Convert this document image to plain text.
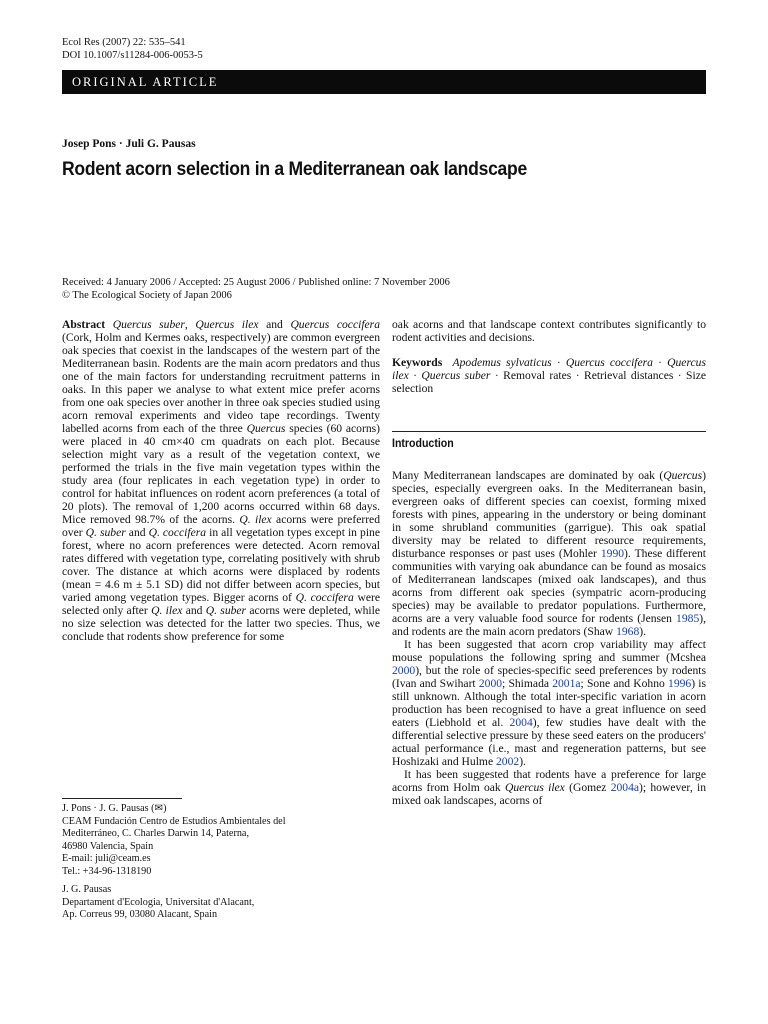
Ecol Res (2007) 22: 535–541
DOI 10.1007/s11284-006-0053-5
ORIGINAL ARTICLE
Josep Pons · Juli G. Pausas
Rodent acorn selection in a Mediterranean oak landscape
Received: 4 January 2006 / Accepted: 25 August 2006 / Published online: 7 November 2006
© The Ecological Society of Japan 2006

Abstract Quercus suber, Quercus ilex and Quercus coccifera (Cork, Holm and Kermes oaks, respectively) are common evergreen oak species that coexist in the landscapes of the western part of the Mediterranean basin. Rodents are the main acorn predators and thus one of the main factors for understanding recruitment patterns in oaks. In this paper we analyse to what extent mice prefer acorns from one oak species over another in three oak species studied using acorn removal experiments and video tape recordings. Twenty labelled acorns from each of the three Quercus species (60 acorns) were placed in 40 cm×40 cm quadrats on each plot. Because selection might vary as a result of the vegetation context, we performed the trials in the five main vegetation types within the study area (four replicates in each vegetation type) in order to control for habitat influences on rodent acorn preferences (a total of 20 plots). The removal of 1,200 acorns occurred within 68 days. Mice removed 98.7% of the acorns. Q. ilex acorns were preferred over Q. suber and Q. coccifera in all vegetation types except in pine forest, where no acorn preferences were detected. Acorn removal rates differed with vegetation type, correlating positively with shrub cover. The distance at which acorns were displaced by rodents (mean = 4.6 m ± 5.1 SD) did not differ between acorn species, but varied among vegetation types. Bigger acorns of Q. coccifera were selected only after Q. ilex and Q. suber acorns were depleted, while no size selection was detected for the latter two species. Thus, we conclude that rodents show preference for some

J. Pons · J. G. Pausas (✉)
CEAM Fundación Centro de Estudios Ambientales del
Mediterráneo, C. Charles Darwin 14, Paterna,
46980 Valencia, Spain
E-mail: juli@ceam.es
Tel.: +34-96-1318190
J. G. Pausas
Departament d'Ecologia, Universitat d'Alacant,
Ap. Correus 99, 03080 Alacant, Spain

oak acorns and that landscape context contributes significantly to rodent activities and decisions.

Keywords Apodemus sylvaticus · Quercus coccifera · Quercus ilex · Quercus suber · Removal rates · Retrieval distances · Size selection

Introduction

Many Mediterranean landscapes are dominated by oak (Quercus) species, especially evergreen oaks. In the Mediterranean basin, evergreen oaks of different species can coexist, forming mixed forests with pines, appearing in the understory or being dominant in some shrubland communities (garrigue). This oak spatial diversity may be related to different resource requirements, disturbance responses or past uses (Mohler 1990). These different communities with varying oak abundance can be found as mosaics of Mediterranean landscapes (mixed oak landscapes), and thus acorns from different oak species (sympatric acorn-producing species) may be available to predator populations. Furthermore, acorns are a very valuable food source for rodents (Jensen 1985), and rodents are the main acorn predators (Shaw 1968).

It has been suggested that acorn crop variability may affect mouse populations the following spring and summer (Mcshea 2000), but the role of species-specific seed preferences by rodents (Ivan and Swihart 2000; Shimada 2001a; Sone and Kohno 1996) is still unknown. Although the total inter-specific variation in acorn production has been recognised to have a great influence on seed eaters (Liebhold et al. 2004), few studies have dealt with the differential selective pressure by these seed eaters on the producers' actual performance (i.e., mast and regeneration patterns, but see Hoshizaki and Hulme 2002).

It has been suggested that rodents have a preference for large acorns from Holm oak Quercus ilex (Gomez 2004a); however, in mixed oak landscapes, acorns of
